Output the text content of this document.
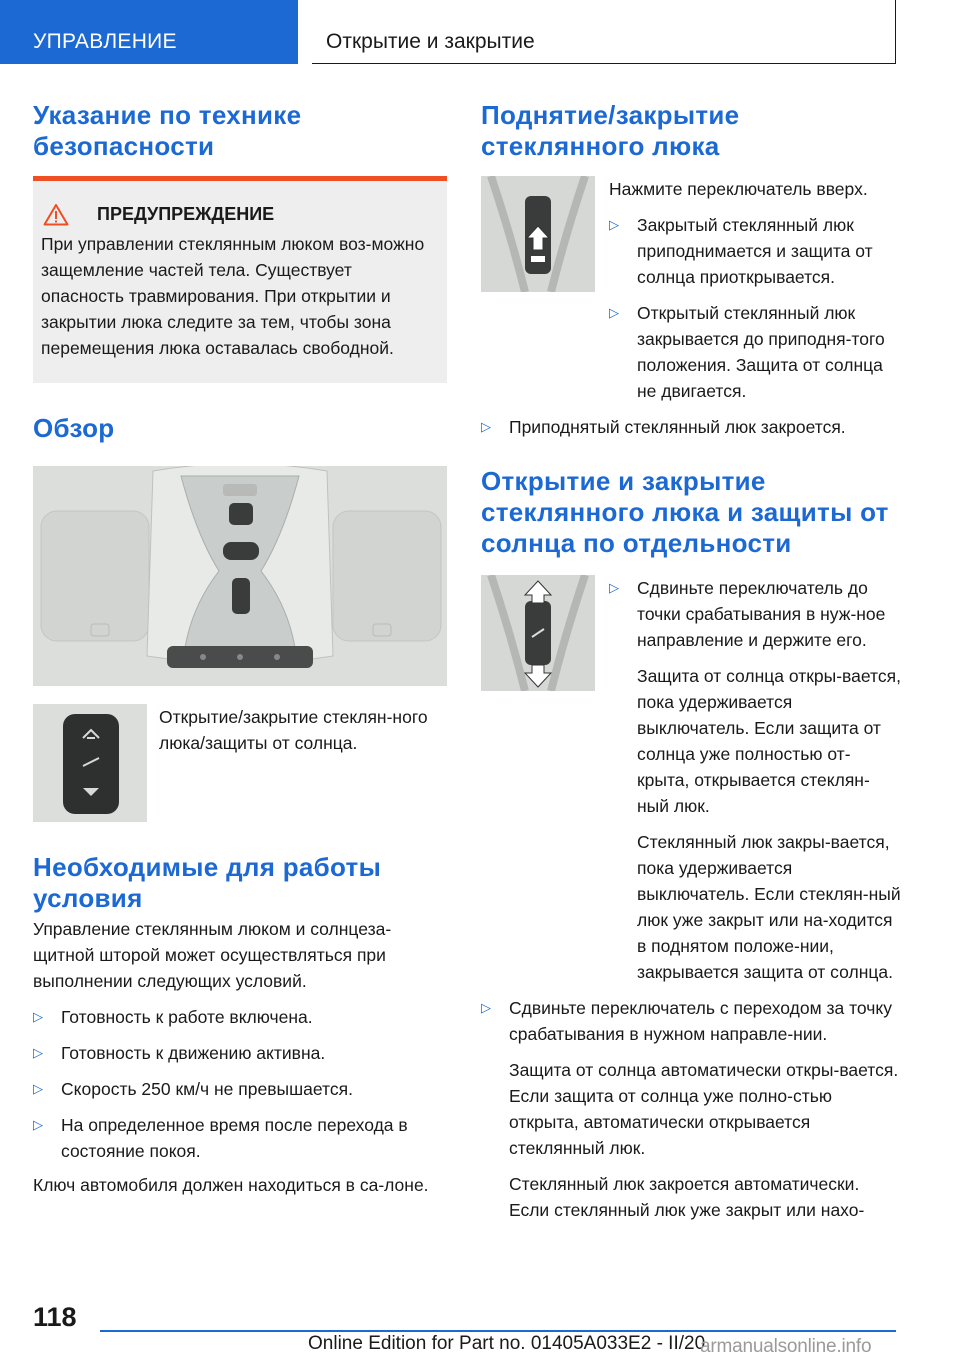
УПРАВЛЕНИЕ	Открытие и закрытие
Указание по технике безопасности
ПРЕДУПРЕЖДЕНИЕ

При управлении стеклянным люком воз-можно защемление частей тела. Существует опасность травмирования. При открытии и закрытии люка следите за тем, чтобы зона перемещения люка оставалась свободной.

Обзор

Открытие/закрытие стеклян-ного люка/защиты от солнца.

Необходимые для работы условия

Управление стеклянным люком и солнцеза-щитной шторой может осуществляться при выполнении следующих условий.

▷ Готовность к работе включена.
▷ Готовность к движению активна.
▷ Скорость 250 км/ч не превышается.
▷ На определенное время после перехода в состояние покоя.

Ключ автомобиля должен находиться в са-лоне.

Поднятие/закрытие стеклянного люка

Нажмите переключатель вверх.

▷ Закрытый стеклянный люк приподнимается и защита от солнца приоткрывается.
▷ Открытый стеклянный люк закрывается до приподня-того положения. Защита от солнца не двигается.
▷ Приподнятый стеклянный люк закроется.
Открытие и закрытие стеклянного люка и защиты от солнца по отдельности
▷ Сдвиньте переключатель до точки срабатывания в нуж-ное направление и держите его.

Защита от солнца откры-вается, пока удерживается выключатель. Если защита от солнца уже полностью от-крыта, открывается стеклян-ный люк.

Стеклянный люк закры-вается, пока удерживается выключатель. Если стеклян-ный люк уже закрыт или на-ходится в поднятом положе-нии, закрывается защита от солнца.

▷ Сдвиньте переключатель с переходом за точку срабатывания в нужном направле-нии.

Защита от солнца автоматически откры-вается. Если защита от солнца уже полно-стью открыта, автоматически открывается стеклянный люк.

Стеклянный люк закроется автоматически. Если стеклянный люк уже закрыт или нахо-

118
Online Edition for Part no. 01405A033E2 - II/20
armanualsonline.info
